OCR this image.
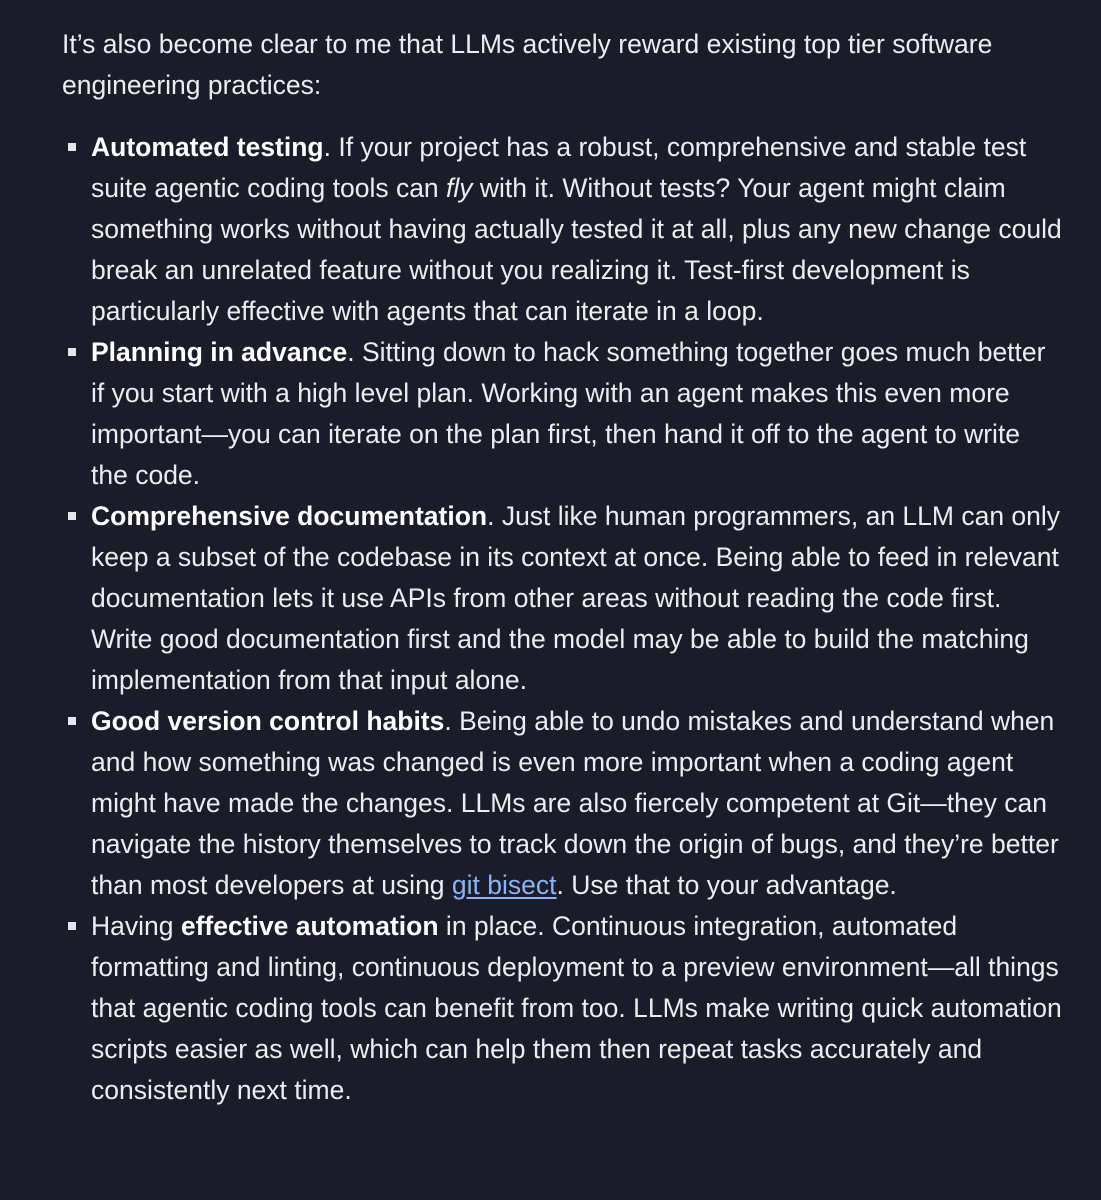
It’s also become clear to me that LLMs actively reward existing top tier software engineering practices:

Automated testing. If your project has a robust, comprehensive and stable test suite agentic coding tools can fly with it. Without tests? Your agent might claim something works without having actually tested it at all, plus any new change could break an unrelated feature without you realizing it. Test-first development is particularly effective with agents that can iterate in a loop.
Planning in advance. Sitting down to hack something together goes much better if you start with a high level plan. Working with an agent makes this even more important—you can iterate on the plan first, then hand it off to the agent to write the code.
Comprehensive documentation. Just like human programmers, an LLM can only keep a subset of the codebase in its context at once. Being able to feed in relevant documentation lets it use APIs from other areas without reading the code first. Write good documentation first and the model may be able to build the matching implementation from that input alone.
Good version control habits. Being able to undo mistakes and understand when and how something was changed is even more important when a coding agent might have made the changes. LLMs are also fiercely competent at Git—they can navigate the history themselves to track down the origin of bugs, and they’re better than most developers at using git bisect. Use that to your advantage.
Having effective automation in place. Continuous integration, automated formatting and linting, continuous deployment to a preview environment—all things that agentic coding tools can benefit from too. LLMs make writing quick automation scripts easier as well, which can help them then repeat tasks accurately and consistently next time.
